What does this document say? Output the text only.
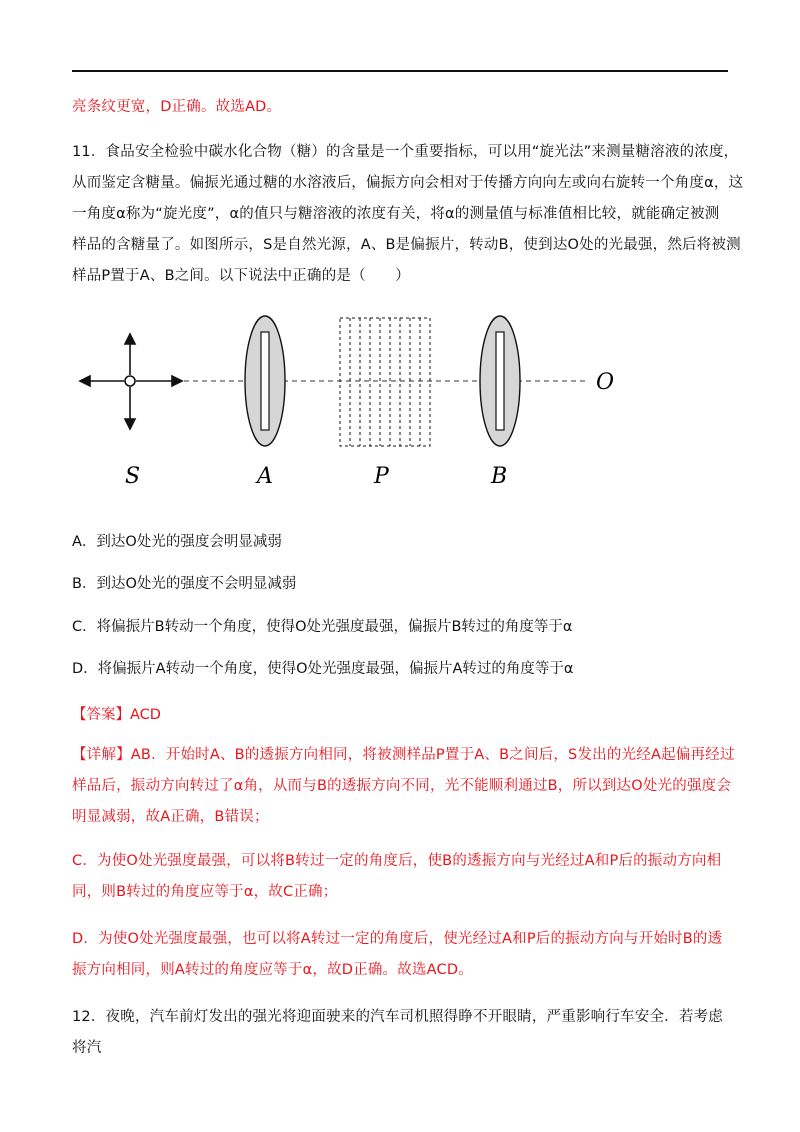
亮条纹更宽，D正确。故选AD。
11．食品安全检验中碳水化合物（糖）的含量是一个重要指标，可以用“旋光法”来测量糖溶液的浓度，
从而鉴定含糖量。偏振光通过糖的水溶液后，偏振方向会相对于传播方向向左或向右旋转一个角度α，这
一角度α称为“旋光度”，α的值只与糖溶液的浓度有关，将α的测量值与标准值相比较，就能确定被测
样品的含糖量了。如图所示，S是自然光源，A、B是偏振片，转动B，使到达O处的光最强，然后将被测
样品P置于A、B之间。以下说法中正确的是（　　）
O
S	A	P	B
A．到达O处光的强度会明显减弱
B．到达O处光的强度不会明显减弱
C．将偏振片B转动一个角度，使得O处光强度最强，偏振片B转过的角度等于α
D．将偏振片A转动一个角度，使得O处光强度最强，偏振片A转过的角度等于α
【答案】ACD
【详解】AB．开始时A、B的透振方向相同，将被测样品P置于A、B之间后，S发出的光经A起偏再经过
样品后，振动方向转过了α角，从而与B的透振方向不同，光不能顺利通过B，所以到达O处光的强度会
明显减弱，故A正确，B错误；
C．为使O处光强度最强，可以将B转过一定的角度后，使B的透振方向与光经过A和P后的振动方向相
同，则B转过的角度应等于α，故C正确；
D．为使O处光强度最强，也可以将A转过一定的角度后，使光经过A和P后的振动方向与开始时B的透
振方向相同，则A转过的角度应等于α，故D正确。故选ACD。
12．夜晚，汽车前灯发出的强光将迎面驶来的汽车司机照得睁不开眼睛，严重影响行车安全．若考虑将汽
